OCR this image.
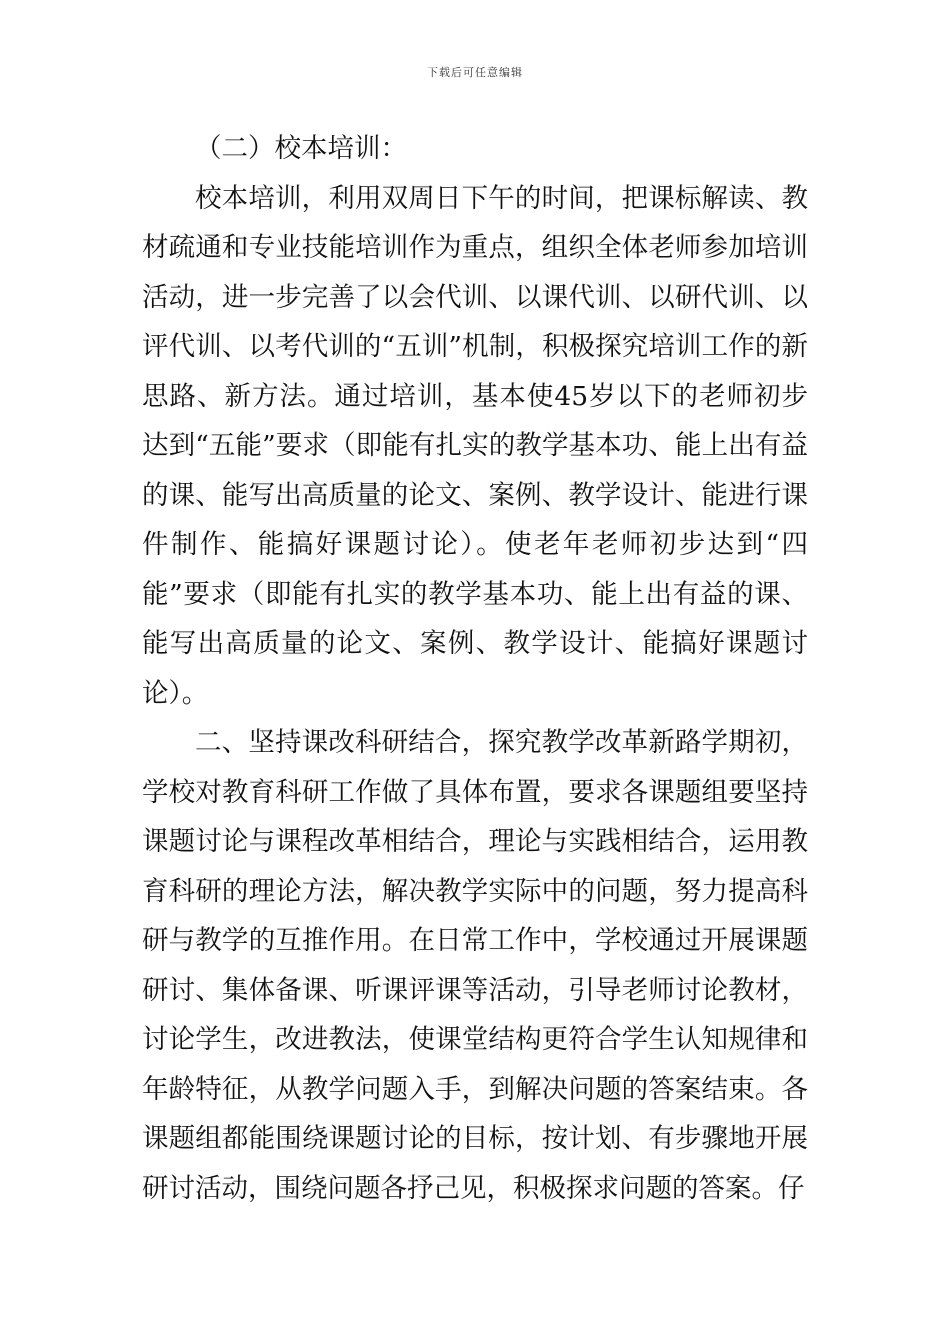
下载后可任意编辑

（二）校本培训：

校本培训，利用双周日下午的时间，把课标解读、教材疏通和专业技能培训作为重点，组织全体老师参加培训活动，进一步完善了以会代训、以课代训、以研代训、以评代训、以考代训的“五训”机制，积极探究培训工作的新思路、新方法。通过培训，基本使45岁以下的老师初步达到“五能”要求（即能有扎实的教学基本功、能上出有益的课、能写出高质量的论文、案例、教学设计、能进行课件制作、能搞好课题讨论）。使老年老师初步达到“四能”要求（即能有扎实的教学基本功、能上出有益的课、能写出高质量的论文、案例、教学设计、能搞好课题讨论）。

二、坚持课改科研结合，探究教学改革新路学期初，学校对教育科研工作做了具体布置，要求各课题组要坚持课题讨论与课程改革相结合，理论与实践相结合，运用教育科研的理论方法，解决教学实际中的问题，努力提高科研与教学的互推作用。在日常工作中，学校通过开展课题研讨、集体备课、听课评课等活动，引导老师讨论教材，讨论学生，改进教法，使课堂结构更符合学生认知规律和年龄特征，从教学问题入手，到解决问题的答案结束。各课题组都能围绕课题讨论的目标，按计划、有步骤地开展研讨活动，围绕问题各抒己见，积极探求问题的答案。仔
